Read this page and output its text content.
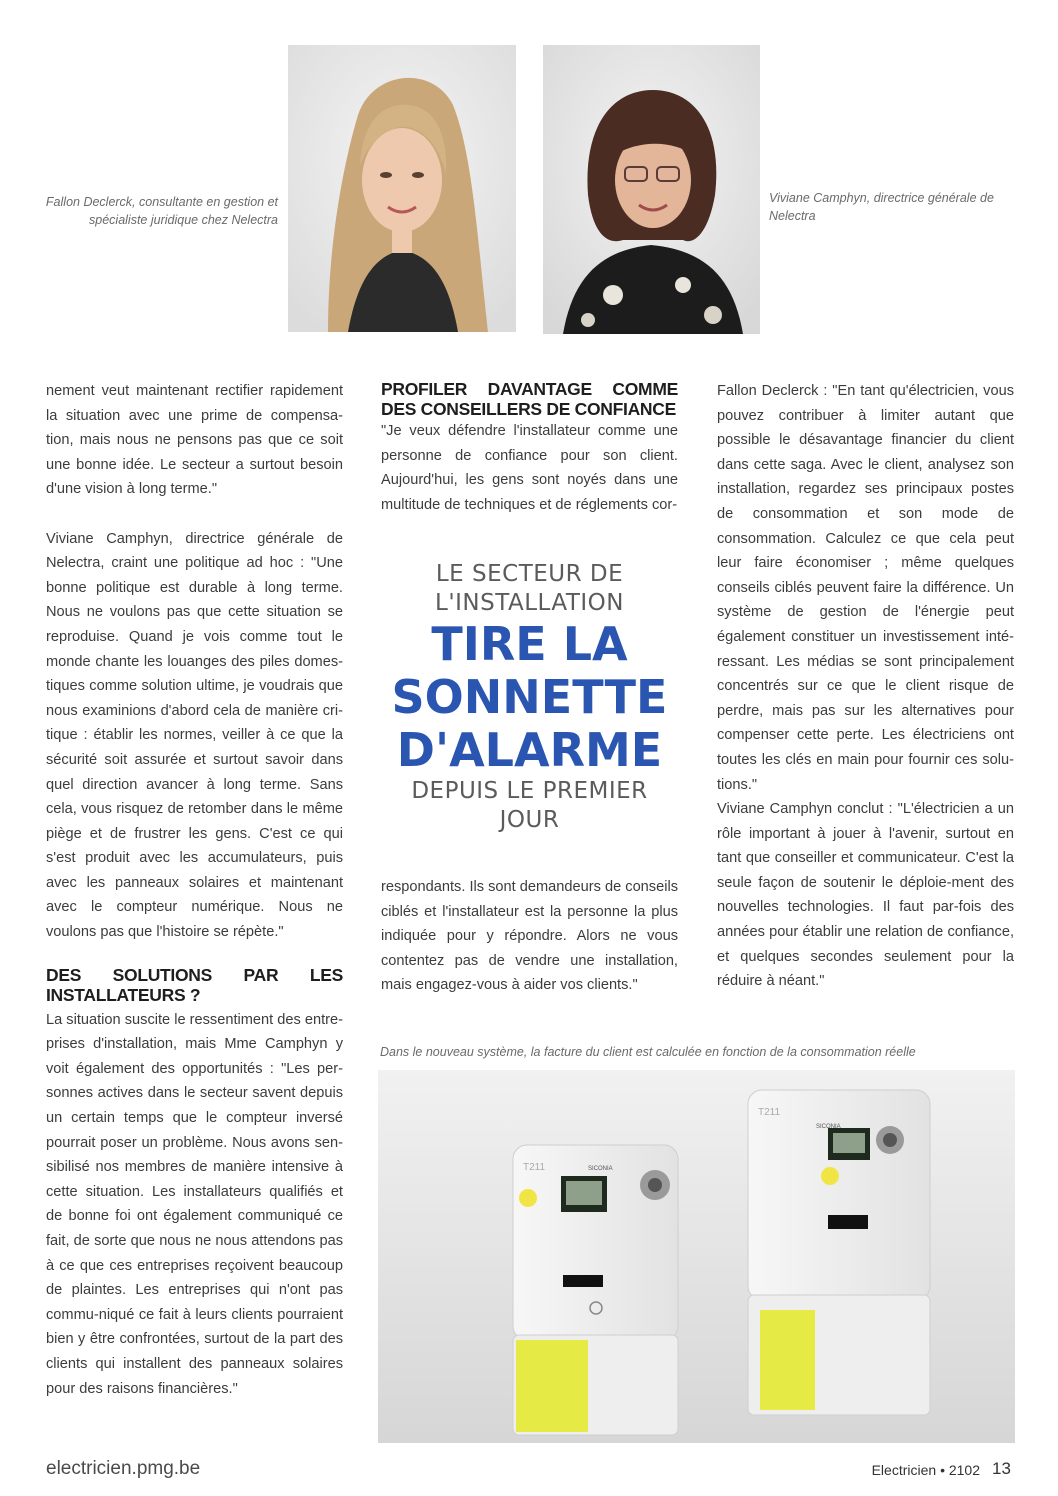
Fallon Declerck, consultante en gestion et spécialiste juridique chez Nelectra
Viviane Camphyn, directrice générale de Nelectra

nement veut maintenant rectifier rapidement la situation avec une prime de compensa-tion, mais nous ne pensons pas que ce soit une bonne idée. Le secteur a surtout besoin d'une vision à long terme."

Viviane Camphyn, directrice générale de Nelectra, craint une politique ad hoc : "Une bonne politique est durable à long terme. Nous ne voulons pas que cette situation se reproduise. Quand je vois comme tout le monde chante les louanges des piles domes-tiques comme solution ultime, je voudrais que nous examinions d'abord cela de manière cri-tique : établir les normes, veiller à ce que la sécurité soit assurée et surtout savoir dans quel direction avancer à long terme. Sans cela, vous risquez de retomber dans le même piège et de frustrer les gens. C'est ce qui s'est produit avec les accumulateurs, puis avec les panneaux solaires et maintenant avec le compteur numérique. Nous ne voulons pas que l'histoire se répète."

DES SOLUTIONS PAR LES INSTALLATEURS ?

La situation suscite le ressentiment des entre-prises d'installation, mais Mme Camphyn y voit également des opportunités : "Les per-sonnes actives dans le secteur savent depuis un certain temps que le compteur inversé pourrait poser un problème. Nous avons sen-sibilisé nos membres de manière intensive à cette situation. Les installateurs qualifiés et de bonne foi ont également communiqué ce fait, de sorte que nous ne nous attendons pas à ce que ces entreprises reçoivent beaucoup de plaintes. Les entreprises qui n'ont pas commu-niqué ce fait à leurs clients pourraient bien y être confrontées, surtout de la part des clients qui installent des panneaux solaires pour des raisons financières."

PROFILER DAVANTAGE COMME DES CONSEILLERS DE CONFIANCE

"Je veux défendre l'installateur comme une personne de confiance pour son client. Aujourd'hui, les gens sont noyés dans une multitude de techniques et de réglements cor-

LE SECTEUR DE
L'INSTALLATION
TIRE LA
SONNETTE
D'ALARME
DEPUIS LE PREMIER JOUR

respondants. Ils sont demandeurs de conseils ciblés et l'installateur est la personne la plus indiquée pour y répondre. Alors ne vous contentez pas de vendre une installation, mais engagez-vous à aider vos clients."

Fallon Declerck : "En tant qu'électricien, vous pouvez contribuer à limiter autant que possible le désavantage financier du client dans cette saga. Avec le client, analysez son installation, regardez ses principaux postes de consommation et son mode de consommation. Calculez ce que cela peut leur faire économiser ; même quelques conseils ciblés peuvent faire la différence. Un système de gestion de l'énergie peut également constituer un investissement inté-ressant. Les médias se sont principalement concentrés sur ce que le client risque de perdre, mais pas sur les alternatives pour compenser cette perte. Les électriciens ont toutes les clés en main pour fournir ces solu-tions."

Viviane Camphyn conclut : "L'électricien a un rôle important à jouer à l'avenir, surtout en tant que conseiller et communicateur. C'est la seule façon de soutenir le déploie-ment des nouvelles technologies. Il faut par-fois des années pour établir une relation de confiance, et quelques secondes seulement pour la réduire à néant."

Dans le nouveau système, la facture du client est calculée en fonction de la consommation réelle
T211
SICONIA
T211	SICONIA
electricien.pmg.be	Electricien • 2102 13
